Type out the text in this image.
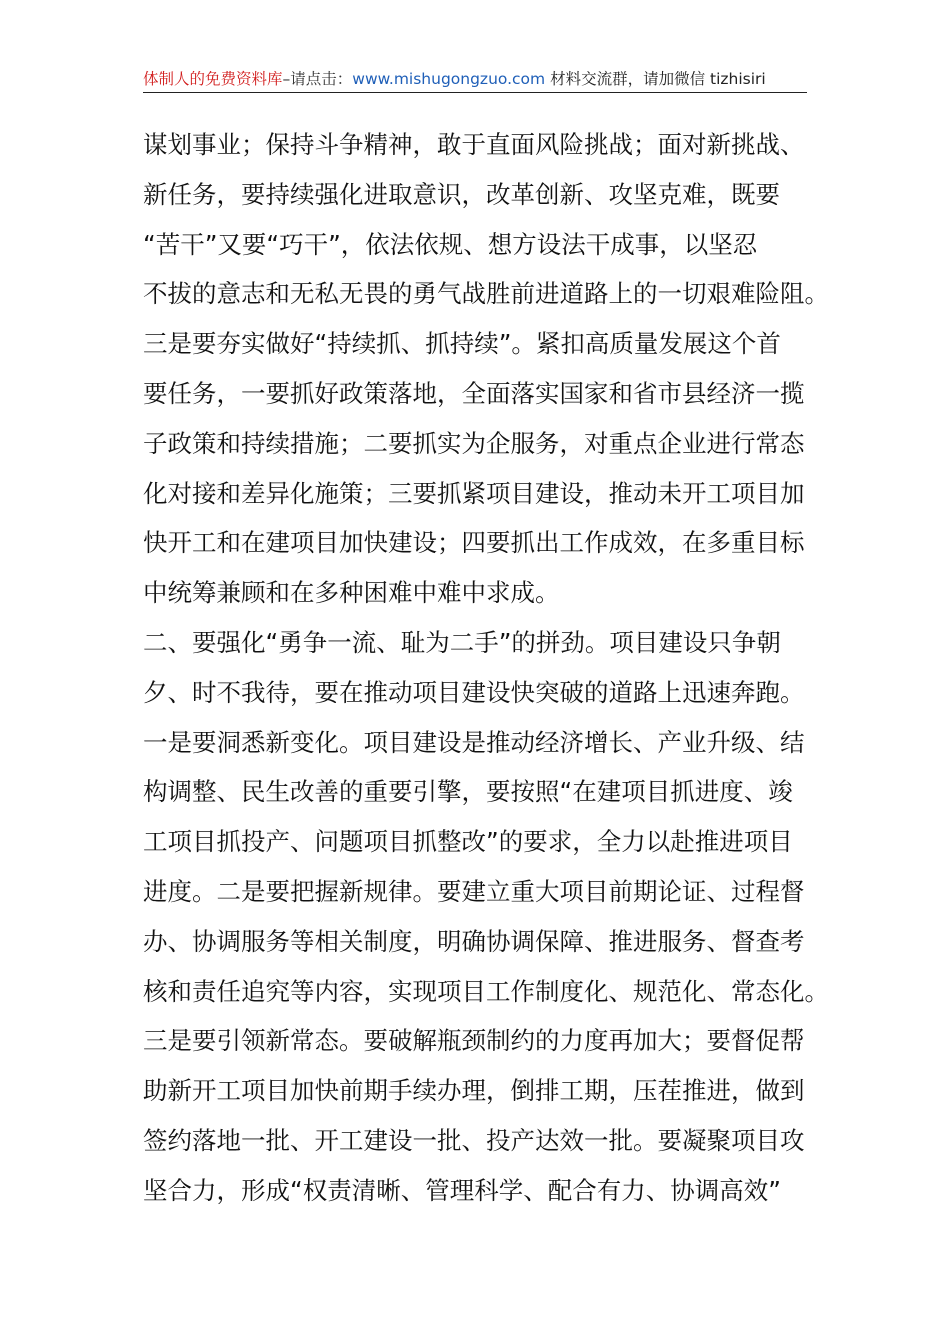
体制人的免费资料库–请点击：www.mishugongzuo.com 材料交流群，请加微信 tizhisiri
谋划事业；保持斗争精神，敢于直面风险挑战；面对新挑战、
新任务，要持续强化进取意识，改革创新、攻坚克难，既要
“苦干”又要“巧干”，依法依规、想方设法干成事，以坚忍
不拔的意志和无私无畏的勇气战胜前进道路上的一切艰难险阻。
三是要夯实做好“持续抓、抓持续”。紧扣高质量发展这个首
要任务，一要抓好政策落地，全面落实国家和省市县经济一揽
子政策和持续措施；二要抓实为企服务，对重点企业进行常态
化对接和差异化施策；三要抓紧项目建设，推动未开工项目加
快开工和在建项目加快建设；四要抓出工作成效，在多重目标
中统筹兼顾和在多种困难中难中求成。
二、要强化“勇争一流、耻为二手”的拼劲。项目建设只争朝
夕、时不我待，要在推动项目建设快突破的道路上迅速奔跑。
一是要洞悉新变化。项目建设是推动经济增长、产业升级、结
构调整、民生改善的重要引擎，要按照“在建项目抓进度、竣
工项目抓投产、问题项目抓整改”的要求，全力以赴推进项目
进度。二是要把握新规律。要建立重大项目前期论证、过程督
办、协调服务等相关制度，明确协调保障、推进服务、督查考
核和责任追究等内容，实现项目工作制度化、规范化、常态化。
三是要引领新常态。要破解瓶颈制约的力度再加大；要督促帮
助新开工项目加快前期手续办理，倒排工期，压茬推进，做到
签约落地一批、开工建设一批、投产达效一批。要凝聚项目攻
坚合力，形成“权责清晰、管理科学、配合有力、协调高效”
